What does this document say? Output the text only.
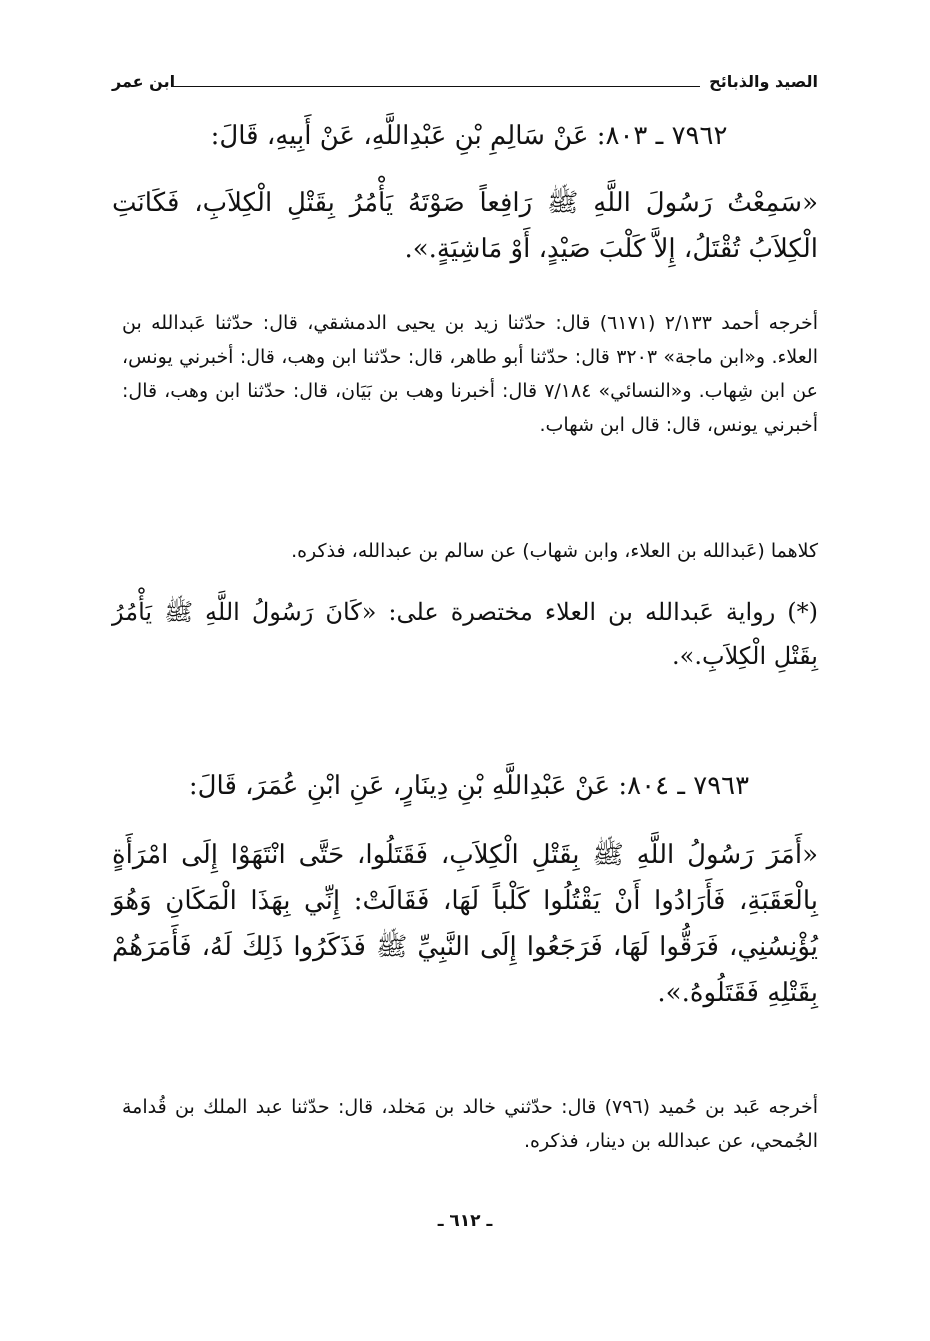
الصيد والذبائح
ابن عمر
٧٩٦٢ ـ ٨٠٣: عَنْ سَالِمِ بْنِ عَبْدِاللَّهِ، عَنْ أَبِيهِ، قَالَ:
«سَمِعْتُ رَسُولَ اللَّهِ ﷺ رَافِعاً صَوْتَهُ يَأْمُرُ بِقَتْلِ الْكِلاَبِ، فَكَانَتِ الْكِلاَبُ تُقْتَلُ، إِلاَّ كَلْبَ صَيْدٍ، أَوْ مَاشِيَةٍ.».
أخرجه أحمد ٢/١٣٣ (٦١٧١) قال: حدّثنا زيد بن يحيى الدمشقي، قال: حدّثنا عَبدالله بن العلاء. و«ابن ماجة» ٣٢٠٣ قال: حدّثنا أبو طاهر، قال: حدّثنا ابن وهب، قال: أخبرني يونس، عن ابن شِهاب. و«النسائي» ٧/١٨٤ قال: أخبرنا وهب بن بَيَان، قال: حدّثنا ابن وهب، قال: أخبرني يونس، قال: قال ابن شهاب.
كلاهما (عَبدالله بن العلاء، وابن شهاب) عن سالم بن عبدالله، فذكره.
(*) رواية عَبدالله بن العلاء مختصرة على: «كَانَ رَسُولُ اللَّهِ ﷺ يَأْمُرُ بِقَتْلِ الْكِلاَبِ.».
٧٩٦٣ ـ ٨٠٤: عَنْ عَبْدِاللَّهِ بْنِ دِينَارٍ، عَنِ ابْنِ عُمَرَ، قَالَ:
«أَمَرَ رَسُولُ اللَّهِ ﷺ بِقَتْلِ الْكِلاَبِ، فَقَتَلُوا، حَتَّى انْتَهَوْا إِلَى امْرَأَةٍ بِالْعَقَبَةِ، فَأَرَادُوا أَنْ يَقْتُلُوا كَلْباً لَهَا، فَقَالَتْ: إِنِّي بِهَذَا الْمَكَانِ وَهُوَ يُؤْنِسُنِي، فَرَقُّوا لَهَا، فَرَجَعُوا إِلَى النَّبِيِّ ﷺ فَذَكَرُوا ذَلِكَ لَهُ، فَأَمَرَهُمْ بِقَتْلِهِ فَقَتَلُوهُ.».
أخرجه عَبد بن حُميد (٧٩٦) قال: حدّثني خالد بن مَخلد، قال: حدّثنا عبد الملك بن قُدامة الجُمحي، عن عبدالله بن دينار، فذكره.
ـ ٦١٢ ـ
